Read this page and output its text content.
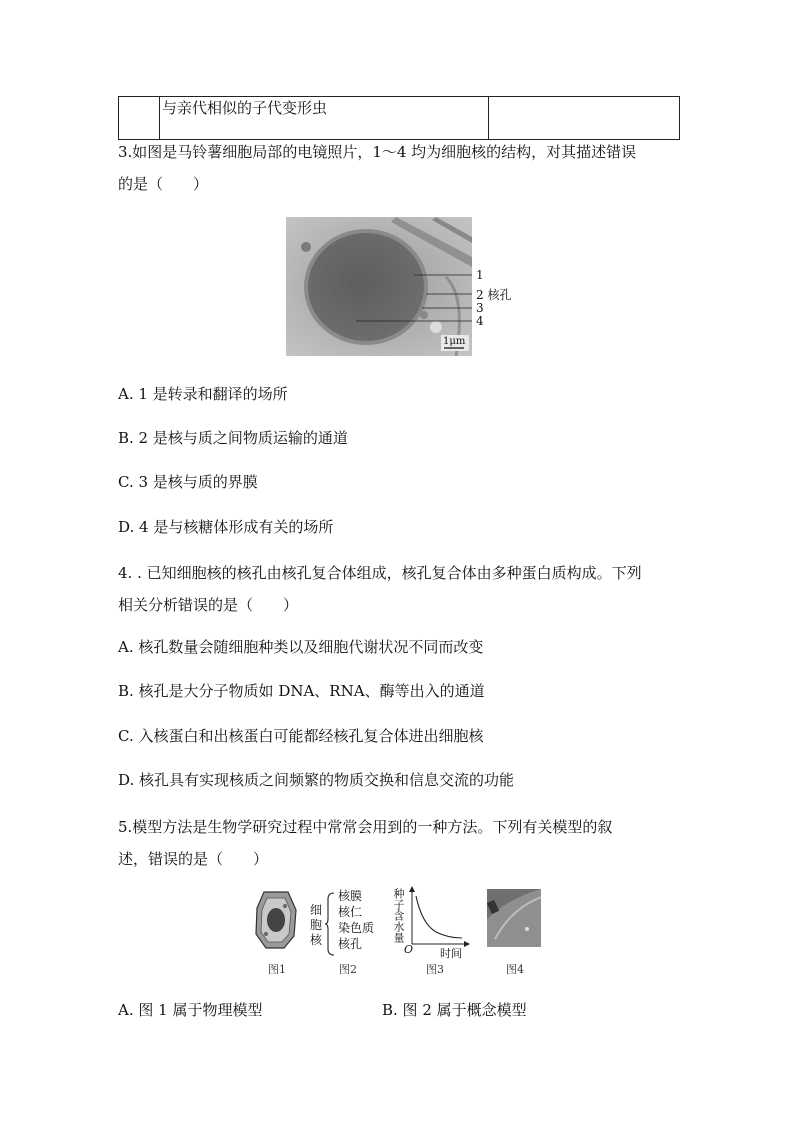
	与亲代相似的子代变形虫	
3.如图是马铃薯细胞局部的电镜照片，1～4 均为细胞核的结构，对其描述错误
的是（　　）
1
2 核孔
3
4
1μm
A. 1 是转录和翻译的场所
B. 2 是核与质之间物质运输的通道
C. 3 是核与质的界膜
D. 4 是与核糖体形成有关的场所
4. . 已知细胞核的核孔由核孔复合体组成，核孔复合体由多种蛋白质构成。下列
相关分析错误的是（　　）
A. 核孔数量会随细胞种类以及细胞代谢状况不同而改变
B. 核孔是大分子物质如 DNA、RNA、酶等出入的通道
C. 入核蛋白和出核蛋白可能都经核孔复合体进出细胞核
D. 核孔具有实现核质之间频繁的物质交换和信息交流的功能
5.模型方法是生物学研究过程中常常会用到的一种方法。下列有关模型的叙
述，错误的是（　　）
图1
细
胞
核
核膜
核仁
染色质
核孔
图2
种子含水量
O 时间
图3	图4
A. 图 1 属于物理模型	B. 图 2 属于概念模型
